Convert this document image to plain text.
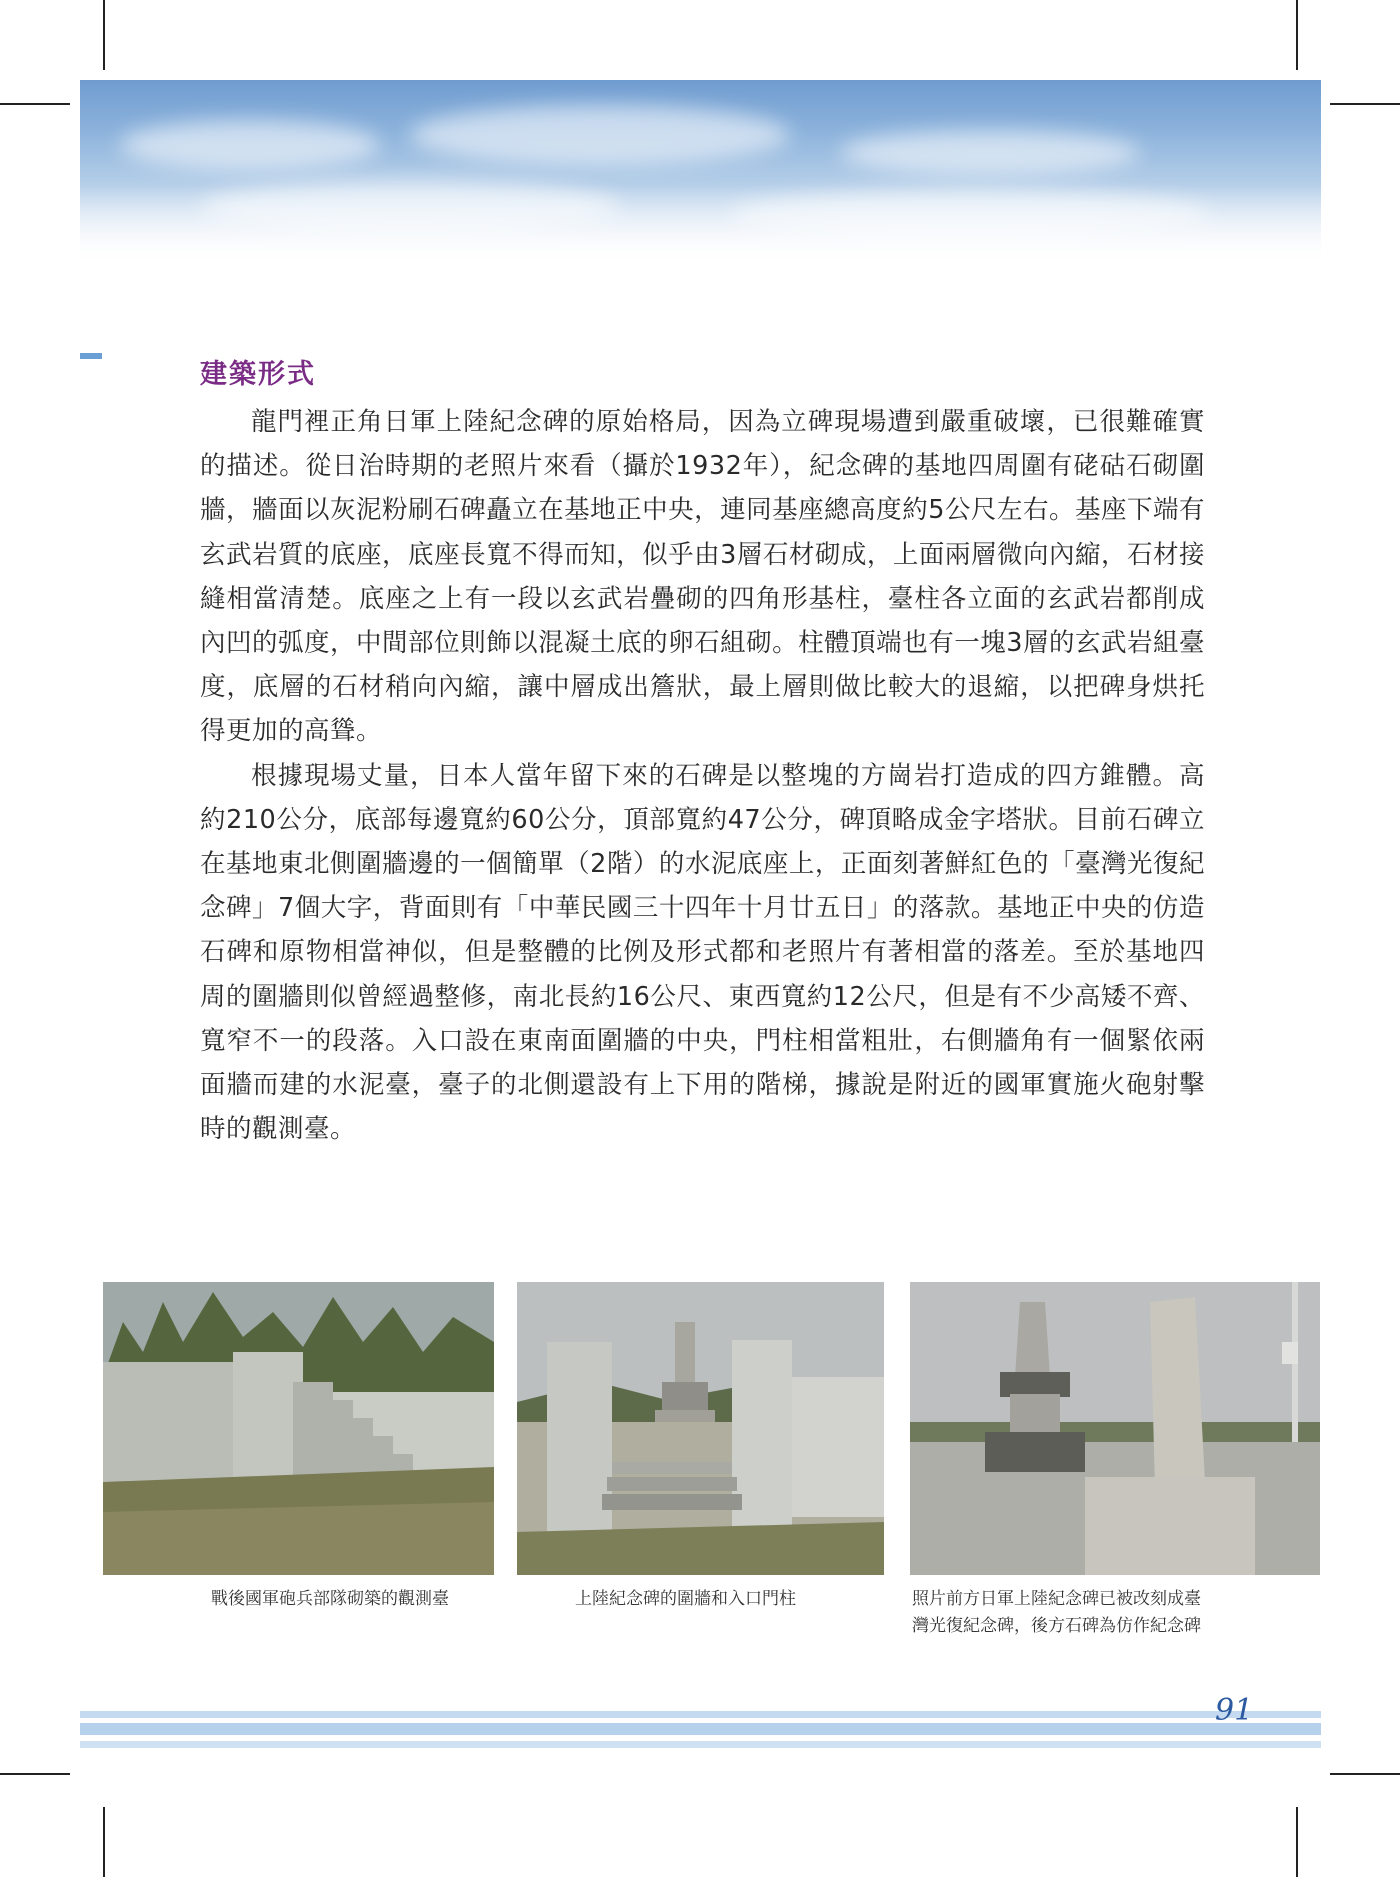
建築形式

龍門裡正角日軍上陸紀念碑的原始格局，因為立碑現場遭到嚴重破壞，已很難確實的描述。從日治時期的老照片來看（攝於1932年），紀念碑的基地四周圍有硓𥑮石砌圍牆，牆面以灰泥粉刷石碑矗立在基地正中央，連同基座總高度約5公尺左右。基座下端有玄武岩質的底座，底座長寬不得而知，似乎由3層石材砌成，上面兩層微向內縮，石材接縫相當清楚。底座之上有一段以玄武岩疊砌的四角形基柱，臺柱各立面的玄武岩都削成內凹的弧度，中間部位則飾以混凝土底的卵石組砌。柱體頂端也有一塊3層的玄武岩組臺度，底層的石材稍向內縮，讓中層成出簷狀，最上層則做比較大的退縮，以把碑身烘托得更加的高聳。

根據現場丈量，日本人當年留下來的石碑是以整塊的方崗岩打造成的四方錐體。高約210公分，底部每邊寬約60公分，頂部寬約47公分，碑頂略成金字塔狀。目前石碑立在基地東北側圍牆邊的一個簡單（2階）的水泥底座上，正面刻著鮮紅色的「臺灣光復紀念碑」7個大字，背面則有「中華民國三十四年十月廿五日」的落款。基地正中央的仿造石碑和原物相當神似，但是整體的比例及形式都和老照片有著相當的落差。至於基地四周的圍牆則似曾經過整修，南北長約16公尺、東西寬約12公尺，但是有不少高矮不齊、寬窄不一的段落。入口設在東南面圍牆的中央，門柱相當粗壯，右側牆角有一個緊依兩面牆而建的水泥臺，臺子的北側還設有上下用的階梯，據說是附近的國軍實施火砲射擊時的觀測臺。

戰後國軍砲兵部隊砌築的觀測臺	上陸紀念碑的圍牆和入口門柱	照片前方日軍上陸紀念碑已被改刻成臺

灣光復紀念碑，後方石碑為仿作紀念碑

91
